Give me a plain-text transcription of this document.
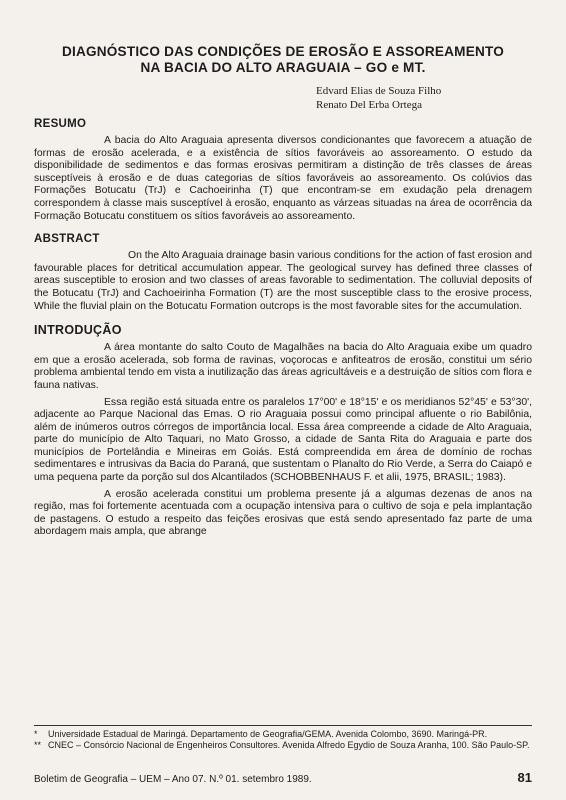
DIAGNÓSTICO DAS CONDIÇÕES DE EROSÃO E ASSOREAMENTO
NA BACIA DO ALTO ARAGUAIA – GO e MT.
Edvard Elias de Souza Filho
Renato Del Erba Ortega
RESUMO

A bacia do Alto Araguaia apresenta diversos condicionantes que favorecem a atuação de formas de erosão acelerada, e a existência de sítios favoráveis ao assoreamento. O estudo da disponibilidade de sedimentos e das formas erosivas permitiram a distinção de três classes de áreas susceptíveis à erosão e de duas categorias de sítios favoráveis ao assoreamento. Os colúvios das Formações Botucatu (TrJ) e Cachoeirinha (T) que encontram-se em exudação pela drenagem correspondem à classe mais susceptível à erosão, enquanto as várzeas situadas na área de ocorrência da Formação Botucatu constituem os sítios favoráveis ao assoreamento.

ABSTRACT

On the Alto Araguaia drainage basin various conditions for the action of fast erosion and favourable places for detritical accumulation appear. The geological survey has defined three classes of areas susceptible to erosion and two classes of areas favorable to sedimentation. The colluvial deposits of the Botucatu (TrJ) and Cachoeirinha Formation (T) are the most susceptible class to the erosive process, While the fluvial plain on the Botucatu Formation outcrops is the most favorable sites for the accumulation.

INTRODUÇÃO

A área montante do salto Couto de Magalhães na bacia do Alto Araguaia exibe um quadro em que a erosão acelerada, sob forma de ravinas, voçorocas e anfiteatros de erosão, constitui um sério problema ambiental tendo em vista a inutilização das áreas agricultáveis e a destruição de sítios com flora e fauna nativas.

Essa região está situada entre os paralelos 17°00' e 18°15' e os meridianos 52°45' e 53°30', adjacente ao Parque Nacional das Emas. O rio Araguaia possui como principal afluente o rio Babilônia, além de inúmeros outros córregos de importância local. Essa área compreende a cidade de Alto Araguaia, parte do município de Alto Taquari, no Mato Grosso, a cidade de Santa Rita do Araguaia e parte dos municípios de Portelândia e Mineiras em Goiás. Está compreendida em área de domínio de rochas sedimentares e intrusivas da Bacia do Paraná, que sustentam o Planalto do Rio Verde, a Serra do Caiapó e uma pequena parte da porção sul dos Alcantilados (SCHOBBENHAUS F. et alii, 1975, BRASIL; 1983).

A erosão acelerada constitui um problema presente já a algumas dezenas de anos na região, mas foi fortemente acentuada com a ocupação intensiva para o cultivo de soja e pela implantação de pastagens. O estudo a respeito das feições erosivas que está sendo apresentado faz parte de uma abordagem mais ampla, que abrange

*	Universidade Estadual de Maringá. Departamento de Geografia/GEMA. Avenida Colombo, 3690. Maringá-PR.
** CNEC – Consórcio Nacional de Engenheiros Consultores. Avenida Alfredo Egydio de Souza Aranha, 100. São Paulo-SP.
Boletim de Geografia – UEM – Ano 07. N.º 01. setembro 1989.	81
